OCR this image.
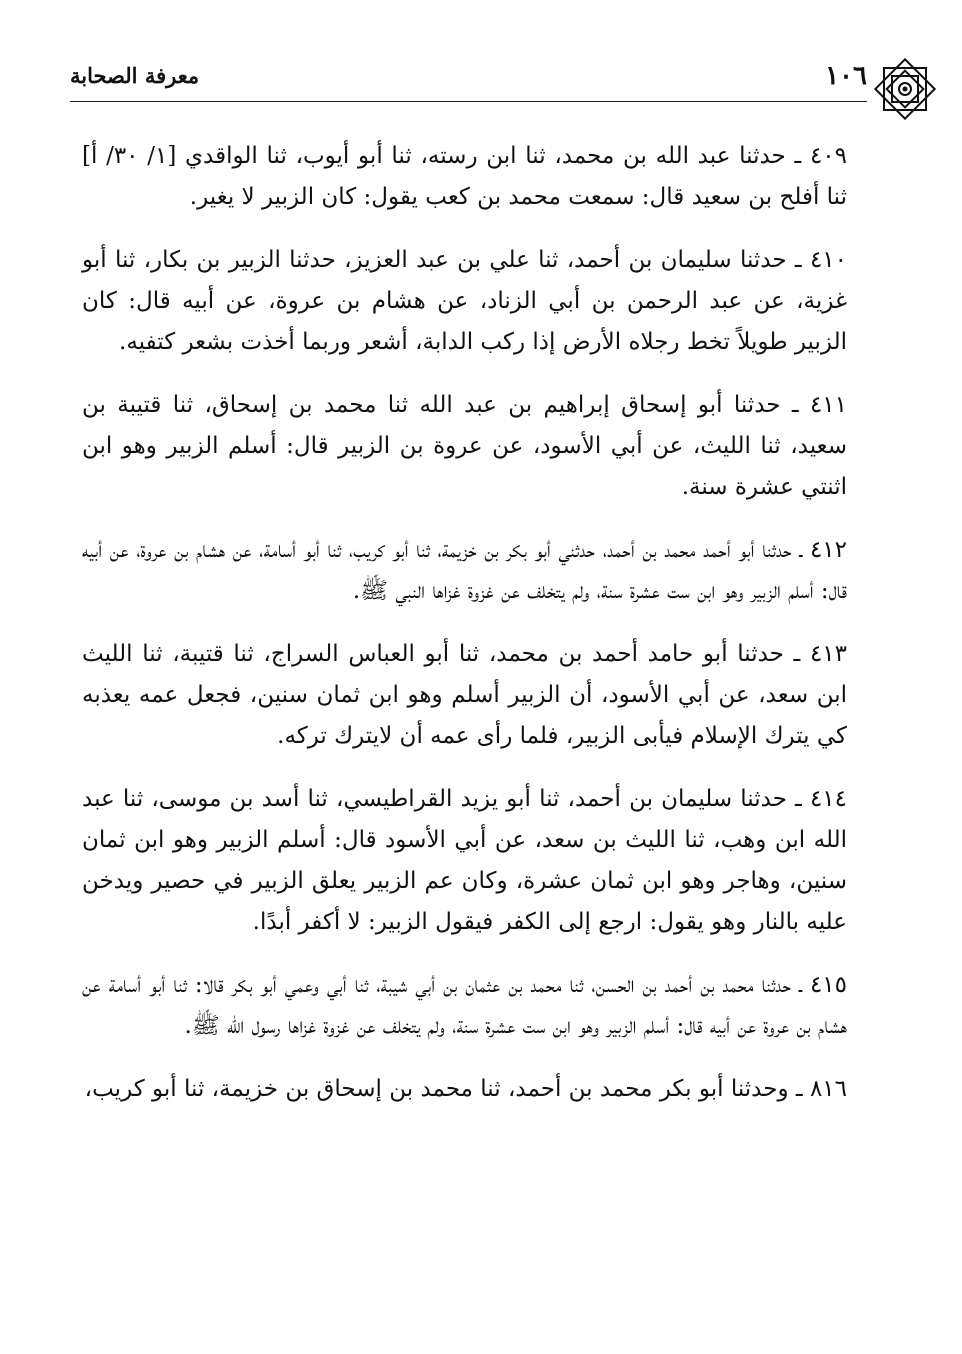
١٠٦
معرفة الصحابة

٤٠٩ ـ حدثنا عبد الله بن محمد، ثنا ابن رسته، ثنا أبو أيوب، ثنا الواقدي [١/ ٣٠/ أ] ثنا أفلح بن سعيد قال: سمعت محمد بن كعب يقول: كان الزبير لا يغير.

٤١٠ ـ حدثنا سليمان بن أحمد، ثنا علي بن عبد العزيز، حدثنا الزبير بن بكار، ثنا أبو غزية، عن عبد الرحمن بن أبي الزناد، عن هشام بن عروة، عن أبيه قال: كان الزبير طويلاً تخط رجلاه الأرض إذا ركب الدابة، أشعر وربما أخذت بشعر كتفيه.

٤١١ ـ حدثنا أبو إسحاق إبراهيم بن عبد الله ثنا محمد بن إسحاق، ثنا قتيبة بن سعيد، ثنا الليث، عن أبي الأسود، عن عروة بن الزبير قال: أسلم الزبير وهو ابن اثنتي عشرة سنة.

٤١٢ ـ حدثنا أبو أحمد محمد بن أحمد، حدثني أبو بكر بن خزيمة، ثنا أبو كريب، ثنا أبو أسامة، عن هشام بن عروة، عن أبيه قال: أسلم الزبير وهو ابن ست عشرة سنة، ولم يتخلف عن غزوة غزاها النبي ﷺ.

٤١٣ ـ حدثنا أبو حامد أحمد بن محمد، ثنا أبو العباس السراج، ثنا قتيبة، ثنا الليث ابن سعد، عن أبي الأسود، أن الزبير أسلم وهو ابن ثمان سنين، فجعل عمه يعذبه كي يترك الإسلام فيأبى الزبير، فلما رأى عمه أن لايترك تركه.

٤١٤ ـ حدثنا سليمان بن أحمد، ثنا أبو يزيد القراطيسي، ثنا أسد بن موسى، ثنا عبد الله ابن وهب، ثنا الليث بن سعد، عن أبي الأسود قال: أسلم الزبير وهو ابن ثمان سنين، وهاجر وهو ابن ثمان عشرة، وكان عم الزبير يعلق الزبير في حصير ويدخن عليه بالنار وهو يقول: ارجع إلى الكفر فيقول الزبير: لا أكفر أبدًا.

٤١٥ ـ حدثنا محمد بن أحمد بن الحسن، ثنا محمد بن عثمان بن أبي شيبة، ثنا أبي وعمي أبو بكر قالا: ثنا أبو أسامة عن هشام بن عروة عن أبيه قال: أسلم الزبير وهو ابن ست عشرة سنة، ولم يتخلف عن غزوة غزاها رسول الله ﷺ.

٨١٦ ـ وحدثنا أبو بكر محمد بن أحمد، ثنا محمد بن إسحاق بن خزيمة، ثنا أبو كريب،
